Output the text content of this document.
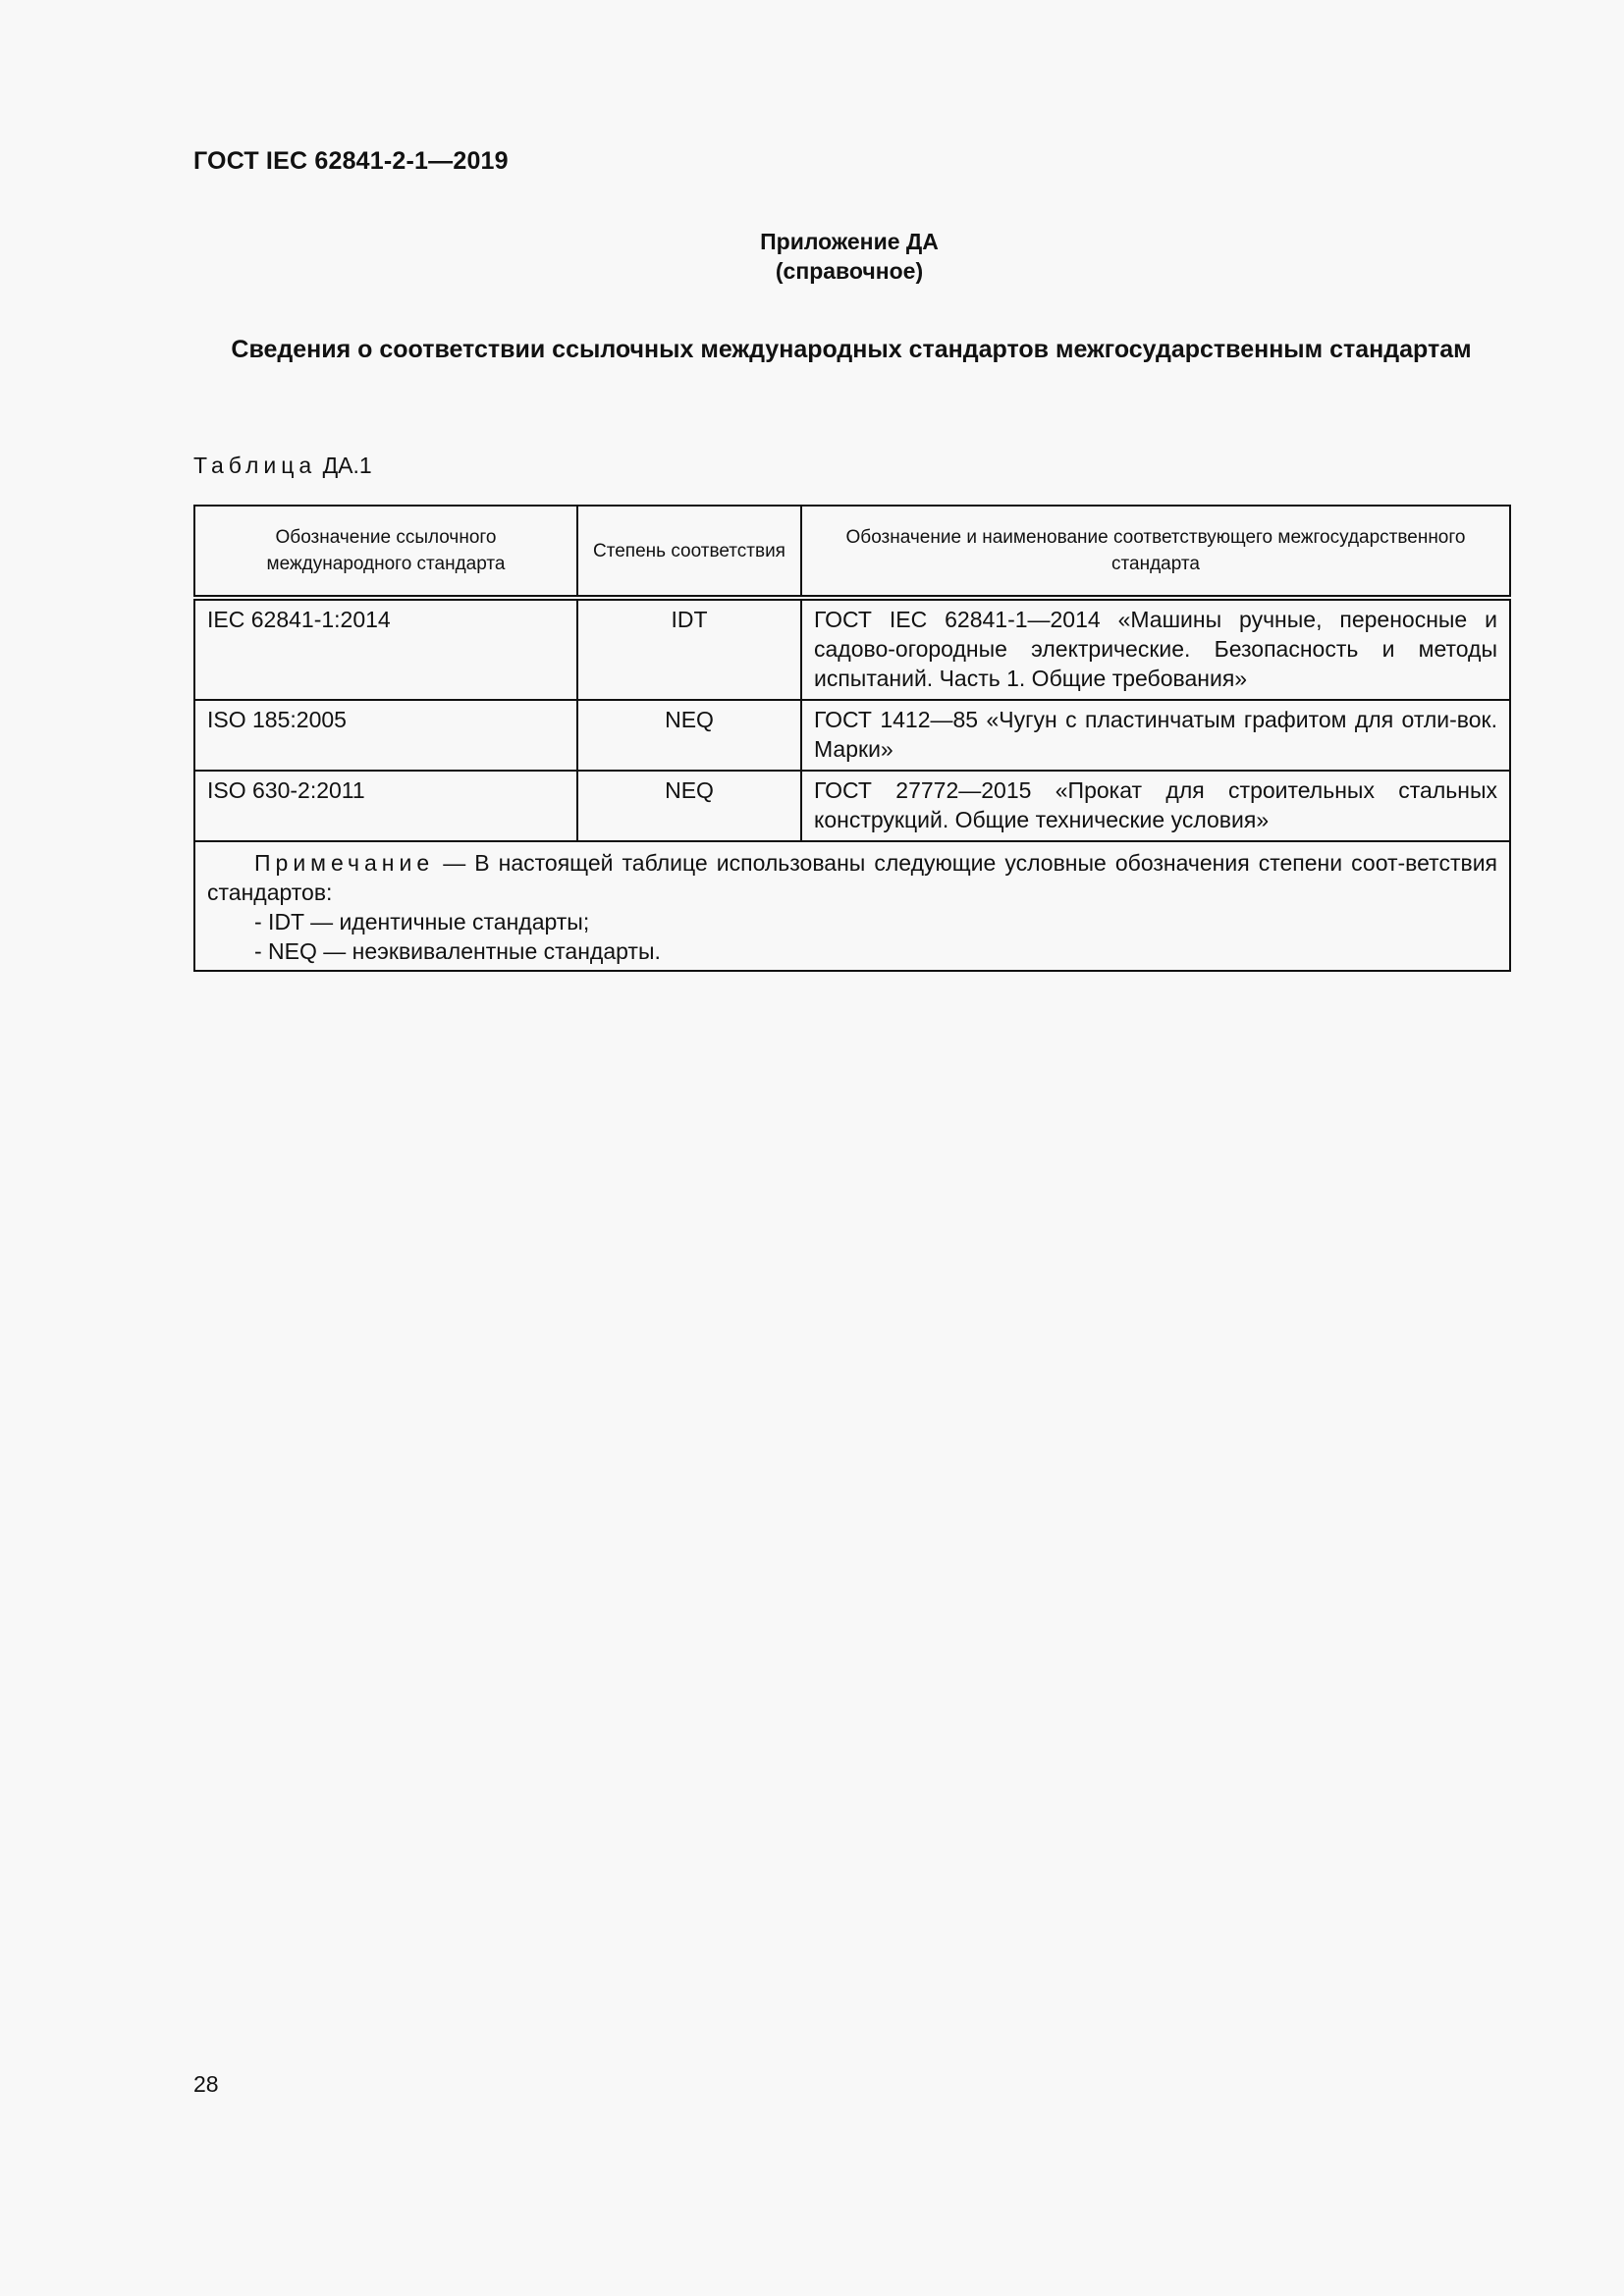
ГОСТ IEC 62841-2-1—2019
Приложение ДА
(справочное)
Сведения о соответствии ссылочных международных стандартов межгосударственным стандартам
Таблица ДА.1
Обозначение ссылочного международного стандарта	Степень соответствия	Обозначение и наименование соответствующего межгосударственного стандарта
IEC 62841-1:2014	IDT	ГОСТ IEC 62841-1—2014 «Машины ручные, переносные и садово-огородные электрические. Безопасность и методы испытаний. Часть 1. Общие требования»
ISO 185:2005	NEQ	ГОСТ 1412—85 «Чугун с пластинчатым графитом для отли-вок. Марки»
ISO 630-2:2011	NEQ	ГОСТ 27772—2015 «Прокат для строительных стальных конструкций. Общие технические условия»

Примечание — В настоящей таблице использованы следующие условные обозначения степени соот-ветствия стандартов:
- IDT — идентичные стандарты;
- NEQ — неэквивалентные стандарты.		
28
